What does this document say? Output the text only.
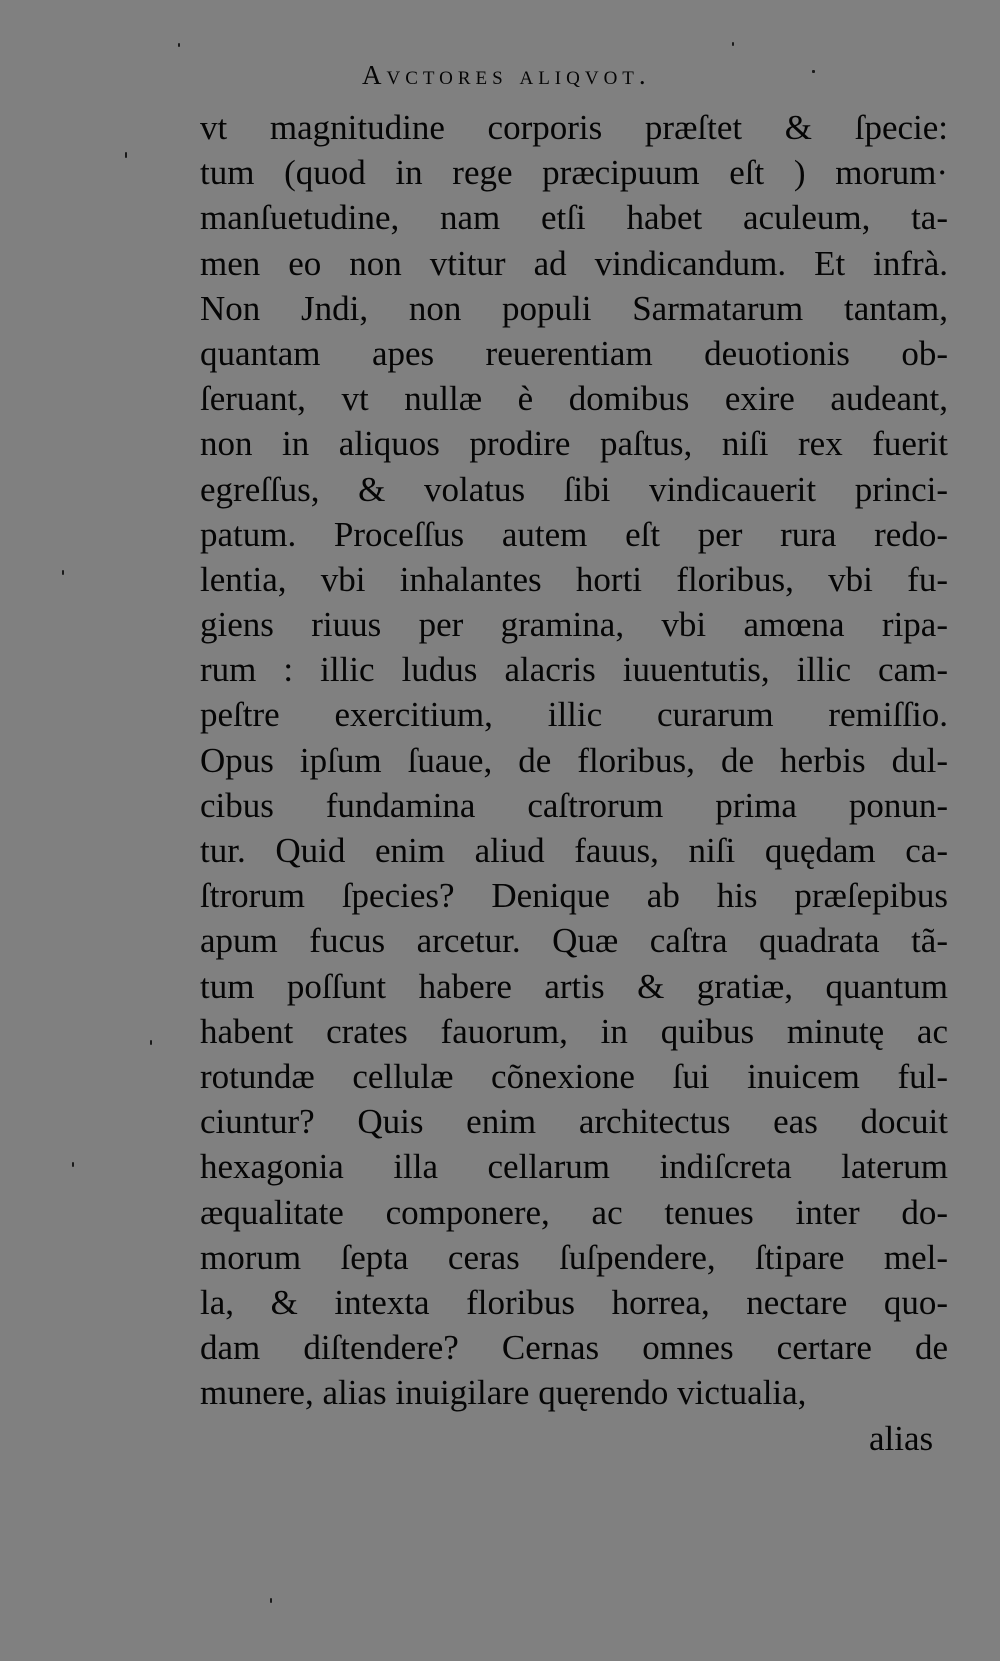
Avctores aliqvot.
vt magnitudine corporis præſtet & ſpecie:
tum (quod in rege præcipuum eſt ) morum·
manſuetudine, nam etſi habet aculeum, ta-
men eo non vtitur ad vindicandum. Et infrà.
Non Jndi, non populi Sarmatarum tantam,
quantam apes reuerentiam deuotionis ob-
ſeruant, vt nullæ è domibus exire audeant,
non in aliquos prodire paſtus, niſi rex fuerit
egreſſus, & volatus ſibi vindicauerit princi-
patum. Proceſſus autem eſt per rura redo-
lentia, vbi inhalantes horti floribus, vbi fu-
giens riuus per gramina, vbi amœna ripa-
rum : illic ludus alacris iuuentutis, illic cam-
peſtre exercitium, illic curarum remiſſio.
Opus ipſum ſuaue, de floribus, de herbis dul-
cibus fundamina caſtrorum prima ponun-
tur. Quid enim aliud fauus, niſi quędam ca-
ſtrorum ſpecies? Denique ab his præſepibus
apum fucus arcetur. Quæ caſtra quadrata tã-
tum poſſunt habere artis & gratiæ, quantum
habent crates fauorum, in quibus minutę ac
rotundæ cellulæ cõnexione ſui inuicem ful-
ciuntur? Quis enim architectus eas docuit
hexagonia illa cellarum indiſcreta laterum
æqualitate componere, ac tenues inter do-
morum ſepta ceras ſuſpendere, ſtipare mel-
la, & intexta floribus horrea, nectare quo-
dam diſtendere? Cernas omnes certare de
munere, alias inuigilare quęrendo victualia,
alias
